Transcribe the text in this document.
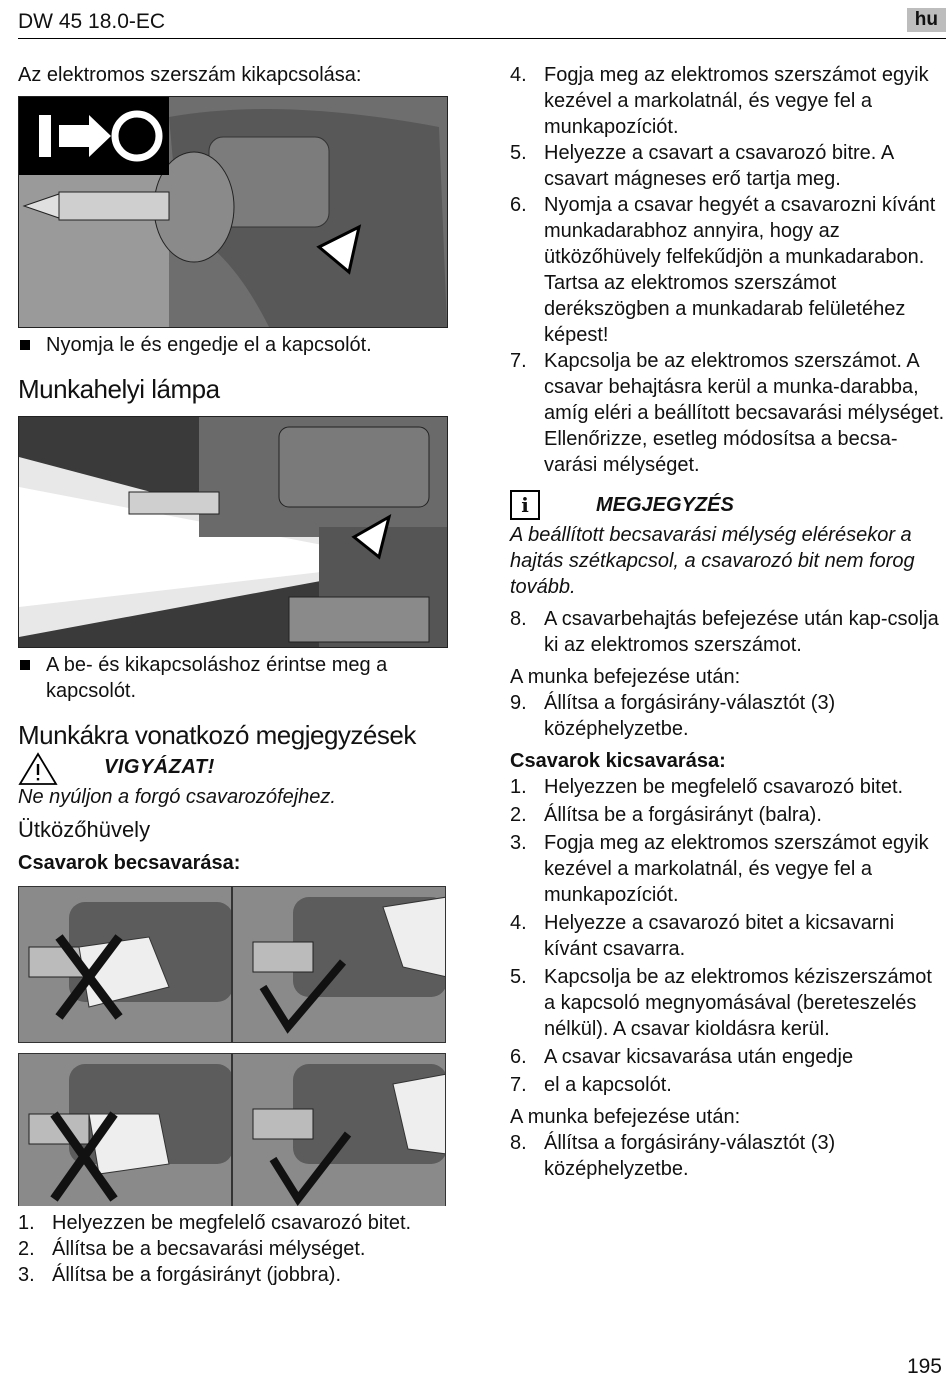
DW 45 18.0-EC	hu

Az elektromos szerszám kikapcsolása:

Nyomja le és engedje el a kapcsolót.

Munkahelyi lámpa

A be- és kikapcsoláshoz érintse meg a kapcsolót.

Munkákra vonatkozó megjegyzések
VIGYÁZAT!

Ne nyúljon a forgó csavarozófejhez.

Ütközőhüvely
Csavarok becsavarása:
1. Helyezzen be megfelelő csavarozó bitet.
2. Állítsa be a becsavarási mélységet.
3. Állítsa be a forgásirányt (jobbra).
4. Fogja meg az elektromos szerszámot egyik kezével a markolatnál, és vegye fel a munkapozíciót.
5. Helyezze a csavart a csavarozó bitre. A csavart mágneses erő tartja meg.
6. Nyomja a csavar hegyét a csavarozni kívánt munkadarabhoz annyira, hogy az ütközőhüvely felfekűdjön a munkadarabon. Tartsa az elektromos szerszámot derékszögben a munkadarab felületéhez képest!
7. Kapcsolja be az elektromos szerszámot. A csavar behajtásra kerül a munka-darabba, amíg eléri a beállított becsavarási mélységet. Ellenőrizze, esetleg módosítsa a becsa-varási mélységet.
i	MEGJEGYZÉS

A beállított becsavarási mélység elérésekor a hajtás szétkapcsol, a csavarozó bit nem forog tovább.

8. A csavarbehajtás befejezése után kap-csolja ki az elektromos szerszámot.

A munka befejezése után:

9. Állítsa a forgásirány-választót (3) középhelyzetbe.
Csavarok kicsavarása:
1. Helyezzen be megfelelő csavarozó bitet.
2. Állítsa be a forgásirányt (balra).
3. Fogja meg az elektromos szerszámot egyik kezével a markolatnál, és vegye fel a munkapozíciót.
4. Helyezze a csavarozó bitet a kicsavarni kívánt csavarra.
5. Kapcsolja be az elektromos kéziszerszámot a kapcsoló megnyomásával (bereteszelés nélkül). A csavar kioldásra kerül.
6. A csavar kicsavarása után engedje
7. el a kapcsolót.

A munka befejezése után:

8. Állítsa a forgásirány-választót (3) középhelyzetbe.
195
